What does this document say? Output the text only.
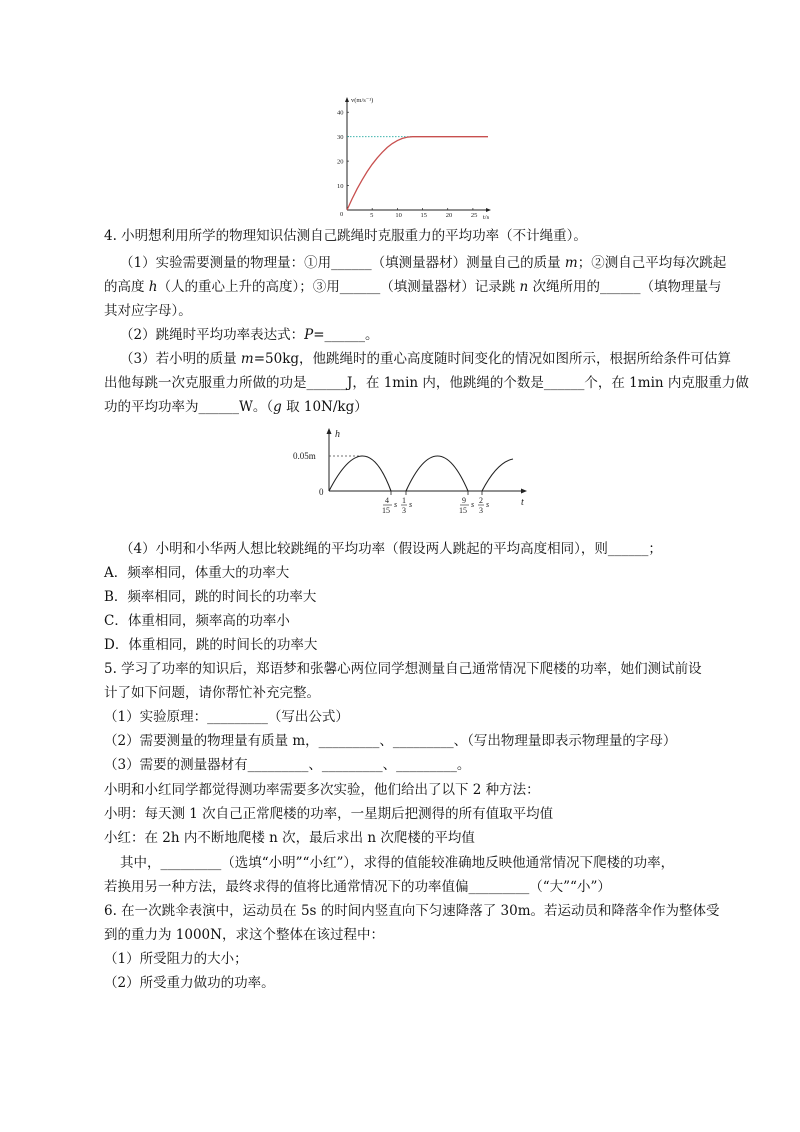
v(m/s⁻¹)
t/s
0	5	10	15	20	25
10
20
30
40
4. 小明想利用所学的物理知识估测自己跳绳时克服重力的平均功率（不计绳重）。
（1）实验需要测量的物理量：①用______（填测量器材）测量自己的质量 m；②测自己平均每次跳起
的高度 h（人的重心上升的高度）；③用______（填测量器材）记录跳 n 次绳所用的______（填物理量与
其对应字母）。
（2）跳绳时平均功率表达式：P=______。
（3）若小明的质量 m=50kg，他跳绳时的重心高度随时间变化的情况如图所示，根据所给条件可估算
出他每跳一次克服重力所做的功是______J，在 1min 内，他跳绳的个数是______个，在 1min 内克服重力做
功的平均功率为______W。（g 取 10N/kg）
h
t
0
0.05m
4
15
s 1
3
s	9
15
s 2
3
s
（4）小明和小华两人想比较跳绳的平均功率（假设两人跳起的平均高度相同），则______；
A．频率相同，体重大的功率大
B．频率相同，跳的时间长的功率大
C．体重相同，频率高的功率小
D．体重相同，跳的时间长的功率大
5. 学习了功率的知识后，郑语梦和张馨心两位同学想测量自己通常情况下爬楼的功率，她们测试前设
计了如下问题，请你帮忙补充完整。
（1）实验原理：_________（写出公式）
（2）需要测量的物理量有质量 m，_________、_________、（写出物理量即表示物理量的字母）
（3）需要的测量器材有_________、_________、_________。
小明和小红同学都觉得测功率需要多次实验，他们给出了以下 2 种方法：
小明：每天测 1 次自己正常爬楼的功率，一星期后把测得的所有值取平均值
小红：在 2h 内不断地爬楼 n 次，最后求出 n 次爬楼的平均值
其中，_________（选填“小明”“小红”），求得的值能较准确地反映他通常情况下爬楼的功率，
若换用另一种方法，最终求得的值将比通常情况下的功率值偏_________（“大”“小”）
6. 在一次跳伞表演中，运动员在 5s 的时间内竖直向下匀速降落了 30m。若运动员和降落伞作为整体受
到的重力为 1000N，求这个整体在该过程中：
（1）所受阻力的大小；
（2）所受重力做功的功率。
